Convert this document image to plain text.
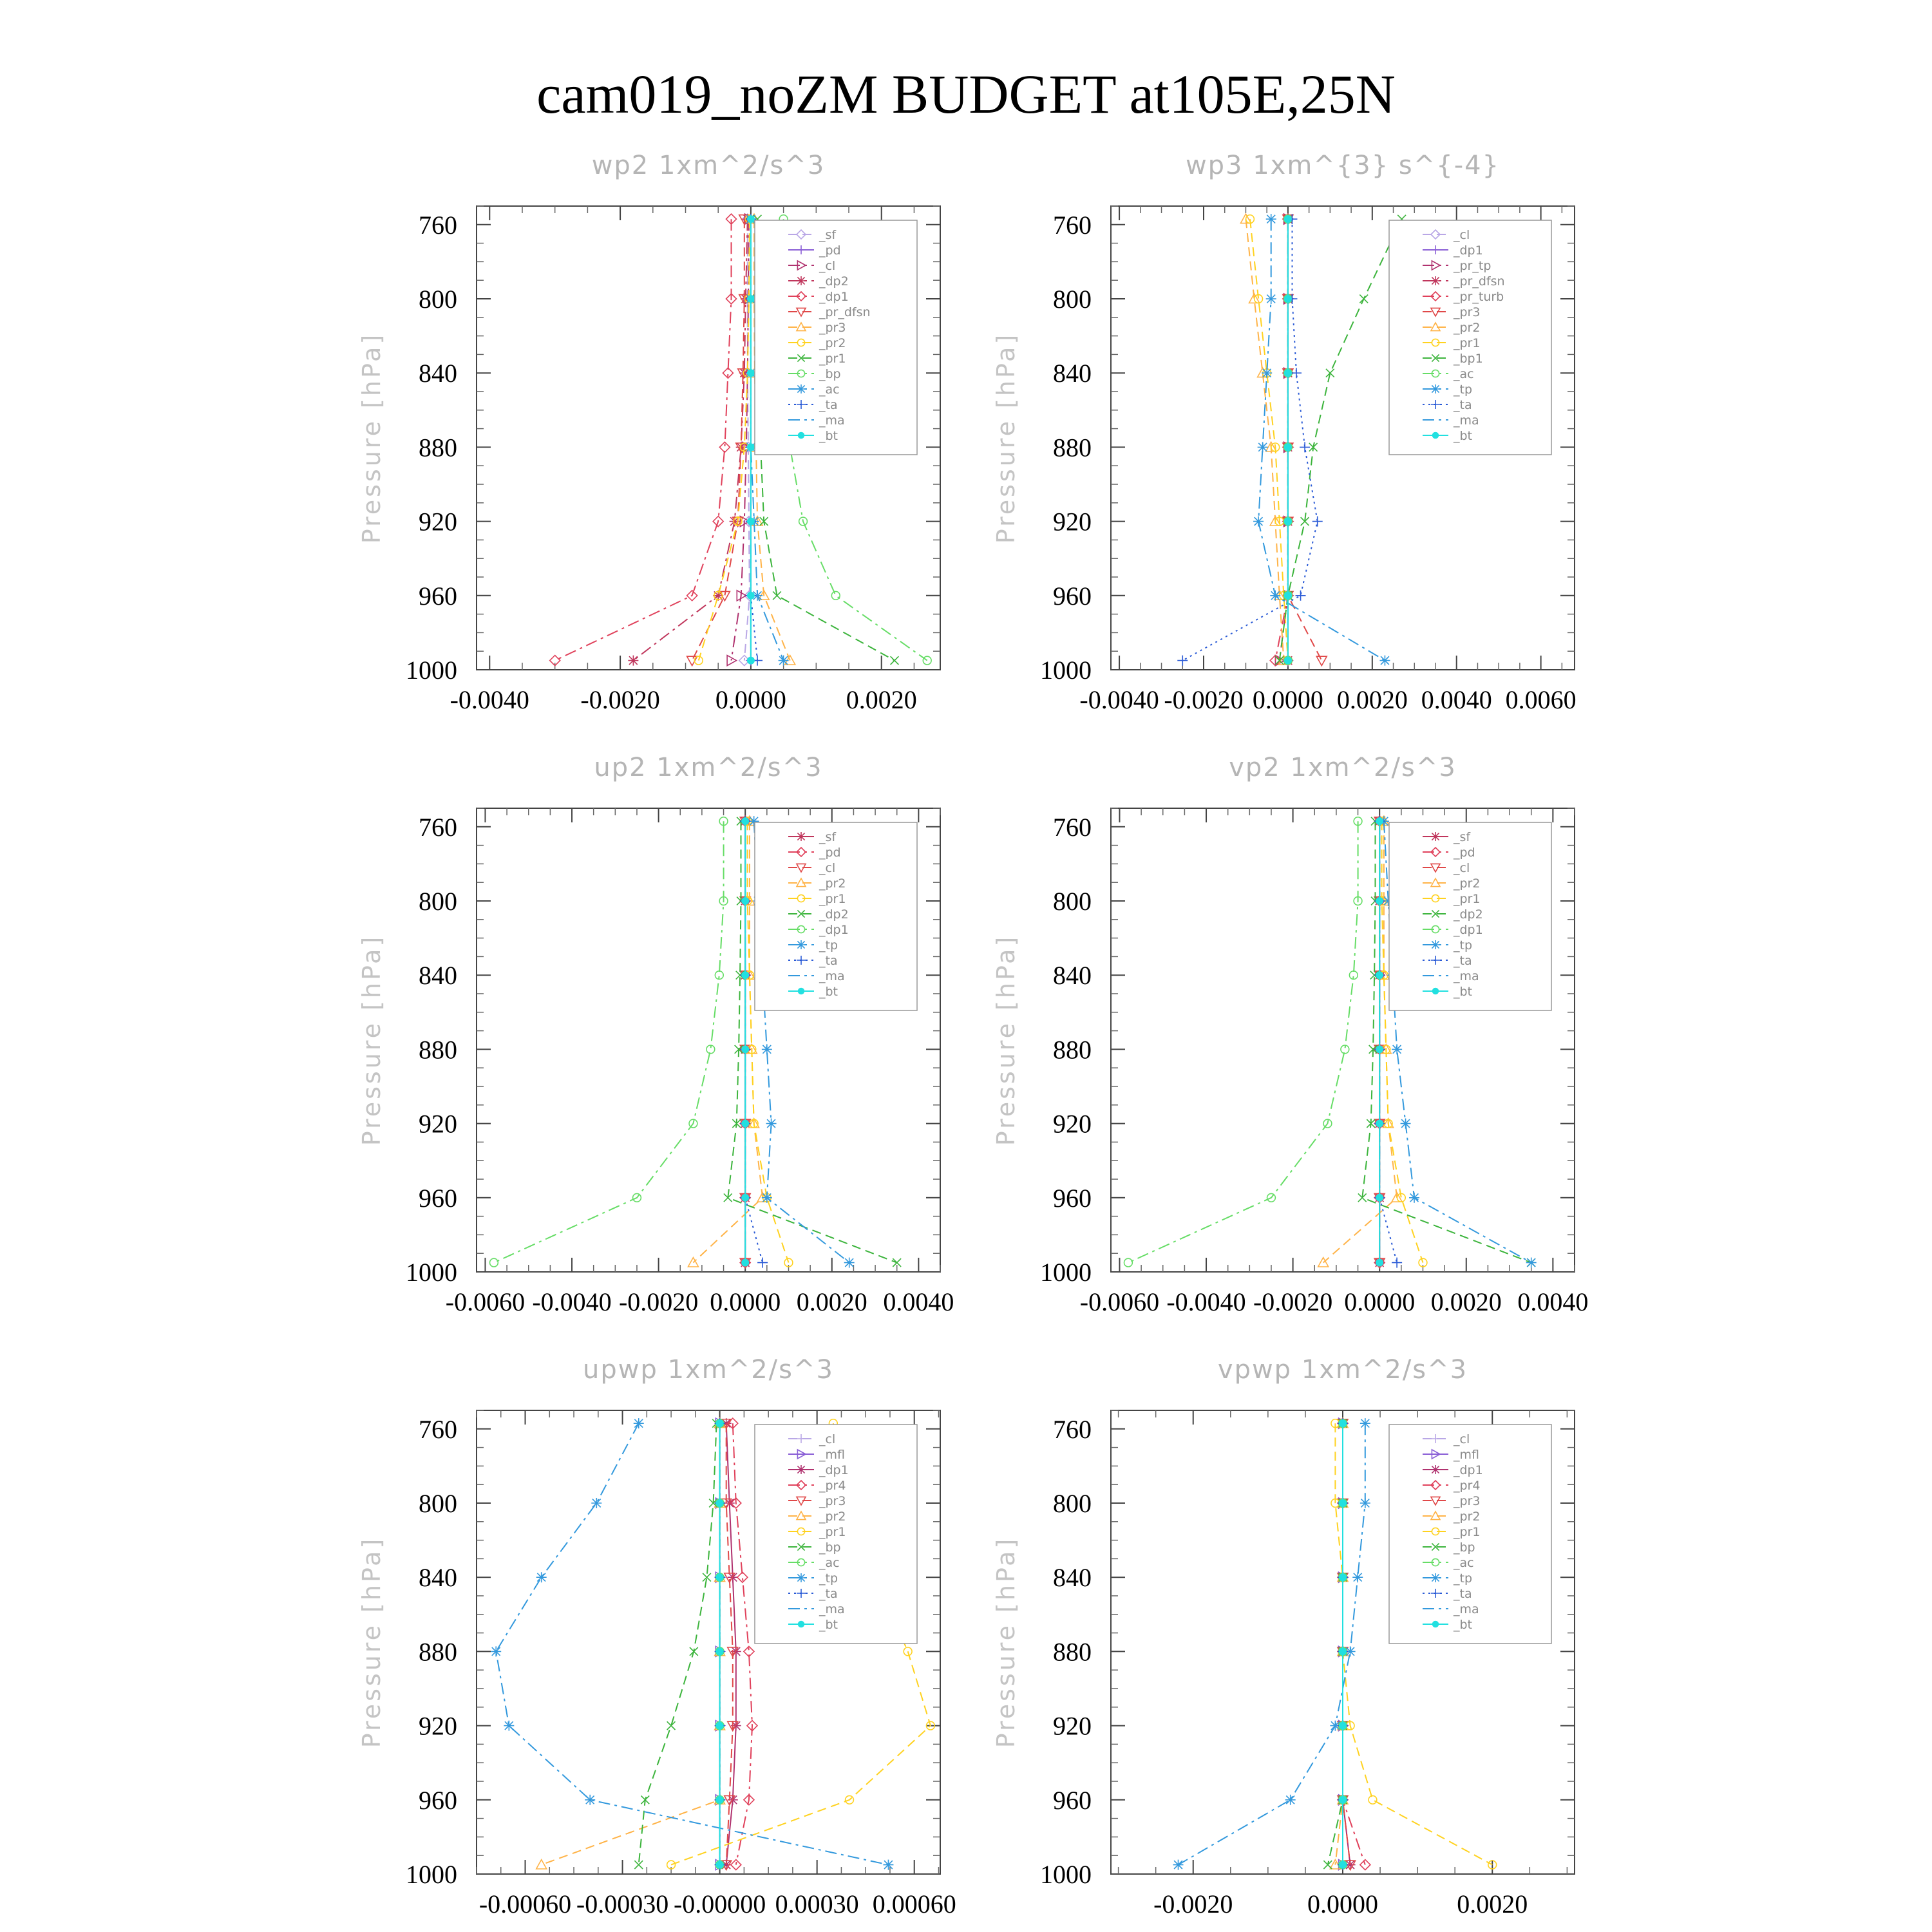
cam019_noZM BUDGET at105E,25N
wp2 1xm^2/s^3
Pressure [hPa]
760
800
840
880
920
960
1000
-0.0040 -0.0020 0.0000 0.0020
_sf
_pd
_cl
_dp2
_dp1
_pr_dfsn
_pr3
_pr2
_pr1
_bp
_ac
_ta
_ma
_bt
wp3 1xm^{3} s^{-4}
Pressure [hPa]
760
800
840
880
920
960
1000
-0.0040 -0.0020 0.0000 0.0020 0.0040 0.0060
_cl
_dp1
_pr_tp
_pr_dfsn
_pr_turb
_pr3
_pr2
_pr1
_bp1
_ac
_tp
_ta
_ma
_bt
up2 1xm^2/s^3
Pressure [hPa]
760
800
840
880
920
960
1000
-0.0060 -0.0040 -0.0020 0.0000 0.0020 0.0040
_sf
_pd
_cl
_pr2
_pr1
_dp2
_dp1
_tp
_ta
_ma
_bt
vp2 1xm^2/s^3
Pressure [hPa]
760
800
840
880
920
960
1000
-0.0060 -0.0040 -0.0020 0.0000 0.0020 0.0040
_sf
_pd
_cl
_pr2
_pr1
_dp2
_dp1
_tp
_ta
_ma
_bt
upwp 1xm^2/s^3
Pressure [hPa]
760
800
840
880
920
960
1000
-0.00060 -0.00030 -0.00000 0.00030 0.00060
_cl
_mfl
_dp1
_pr4
_pr3
_pr2
_pr1
_bp
_ac
_tp
_ta
_ma
_bt
vpwp 1xm^2/s^3
Pressure [hPa]
760
800
840
880
920
960
1000
-0.0020	0.0000	0.0020
_cl
_mfl
_dp1
_pr4
_pr3
_pr2
_pr1
_bp
_ac
_tp
_ta
_ma
_bt
